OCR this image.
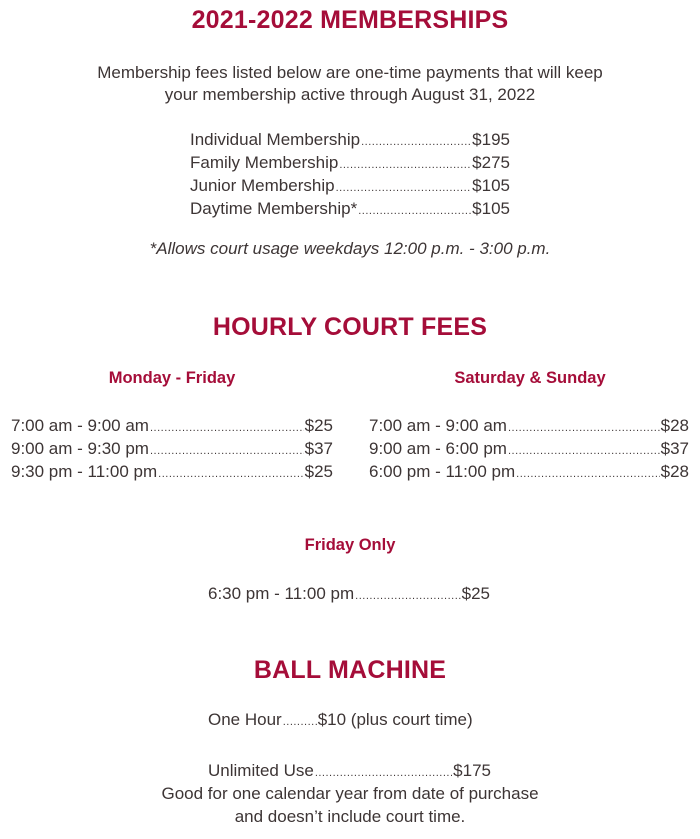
2021-2022 MEMBERSHIPS
Membership fees listed below are one-time payments that will keep
your membership active through August 31, 2022
Individual Membership .....	$195
Family Membership .....	$275
Junior Membership .....	$105
Daytime Membership* .....	$105
*Allows court usage weekdays 12:00 p.m. - 3:00 p.m.
HOURLY COURT FEES
Monday - Friday	Saturday & Sunday
7:00 am - 9:00 am .....	$25
9:00 am - 9:30 pm .....	$37
9:30 pm - 11:00 pm .....	$25
7:00 am - 9:00 am .....	$28
9:00 am - 6:00 pm .....	$37
6:00 pm - 11:00 pm .....	$28
Friday Only
6:30 pm - 11:00 pm .....	$25
BALL MACHINE
One Hour ..... $10 (plus court time)
Unlimited Use .....	$175
Good for one calendar year from date of purchase
and doesn’t include court time.
